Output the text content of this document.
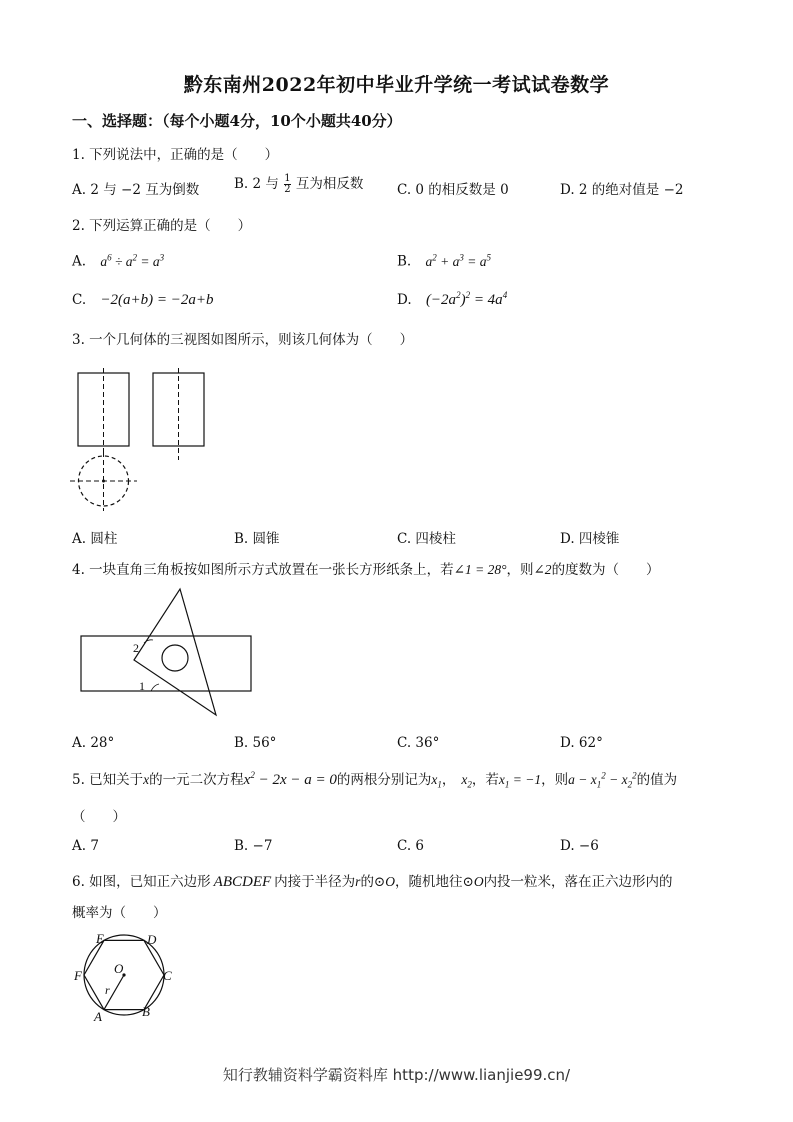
黔东南州2022年初中毕业升学统一考试试卷数学
一、选择题：（每个小题4分，10个小题共40分）
1. 下列说法中，正确的是（　　）
A. 2 与 −2 互为倒数	B. 2 与 $\frac{1}{2}$ 互为相反数 C. 0 的相反数是 0	D. 2 的绝对值是 −2
2. 下列运算正确的是（　　）
A. $a^6 \div a^2 = a^3$	B. $a^2 + a^3 = a^5$
C. −2(a+b) = −2a+b	D. $(-2a^2)^2 = 4a^4$
3. 一个几何体的三视图如图所示，则该几何体为（　　）
A. 圆柱	B. 圆锥	C. 四棱柱	D. 四棱锥
4. 一块直角三角板按如图所示方式放置在一张长方形纸条上，若∠1 = 28°，则∠2的度数为（　　）
2
1
A. 28°	B. 56°	C. 36°	D. 62°
5. 已知关于x的一元二次方程$x^2 - 2x - a = 0$的两根分别记为$x_1$， $x_2$，若$x_1 = -1$，则$a - x_1^2 - x_2^2$的值为
（　　）
A. 7	B. −7	C. 6	D. −6
6. 如图，已知正六边形 ABCDEF 内接于半径为r的⊙O，随机地往⊙O内投一粒米，落在正六边形内的
概率为（　　）
E	D
F	C
A	B
O
r
知行教辅资料学霸资料库 http://www.lianjie99.cn/
